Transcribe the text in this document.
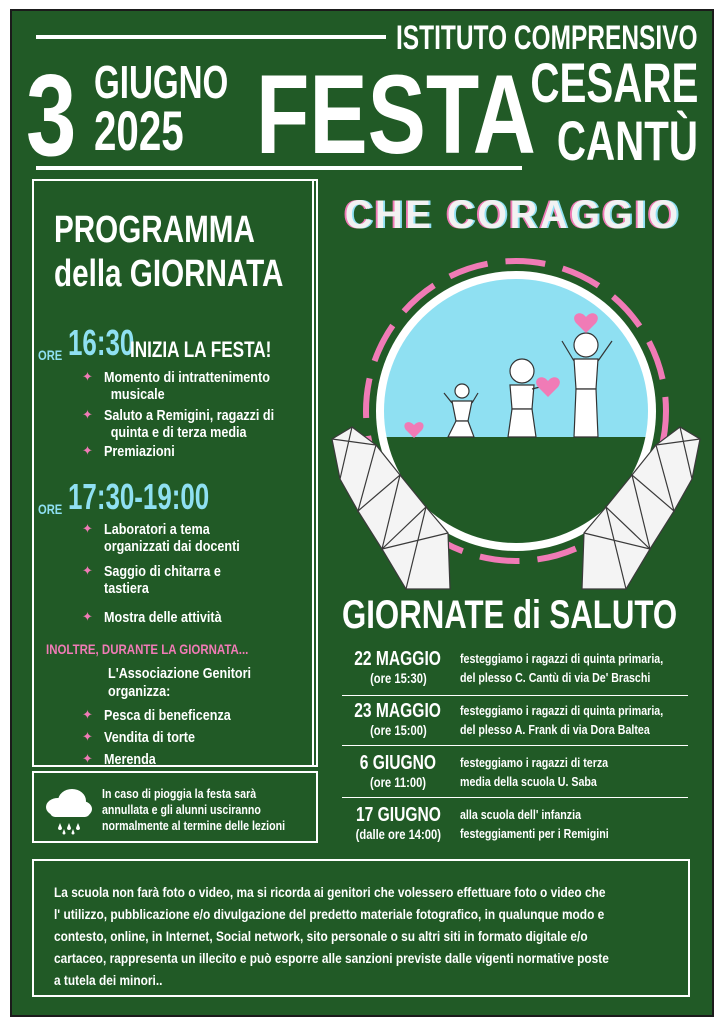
3 GIUGNO
2025 FESTA
ISTITUTO COMPRENSIVO
CESARE
CANTÙ
PROGRAMMA
della GIORNATA
ORE 16:30
INIZIA LA FESTA!
✦ Momento di intrattenimento
musicale
✦ Saluto a Remigini, ragazzi di
quinta e di terza media
✦ Premiazioni
ORE 17:30-19:00
✦ Laboratori a tema
organizzati dai docenti
✦ Saggio di chitarra e
tastiera
✦ Mostra delle attività
INOLTRE, DURANTE LA GIORNATA...
L'Associazione Genitori
organizza:
✦ Pesca di beneficenza
✦ Vendita di torte
✦ Merenda
In caso di pioggia la festa sarà
annullata e gli alunni usciranno
normalmente al termine delle lezioni
CHE CORAGGIO
GIORNATE di SALUTO
22 MAGGIO
(ore 15:30)
festeggiamo i ragazzi di quinta primaria,
del plesso C. Cantù di via De' Braschi
23 MAGGIO
(ore 15:00)
festeggiamo i ragazzi di quinta primaria,
del plesso A. Frank di via Dora Baltea
6 GIUGNO
(ore 11:00)
festeggiamo i ragazzi di terza
media della scuola U. Saba
17 GIUGNO
(dalle ore 14:00)
alla scuola dell' infanzia
festeggiamenti per i Remigini
La scuola non farà foto o video, ma si ricorda ai genitori che volessero effettuare foto o video che
l' utilizzo, pubblicazione e/o divulgazione del predetto materiale fotografico, in qualunque modo e
contesto, online, in Internet, Social network, sito personale o su altri siti in formato digitale e/o
cartaceo, rappresenta un illecito e può esporre alle sanzioni previste dalle vigenti normative poste
a tutela dei minori..
